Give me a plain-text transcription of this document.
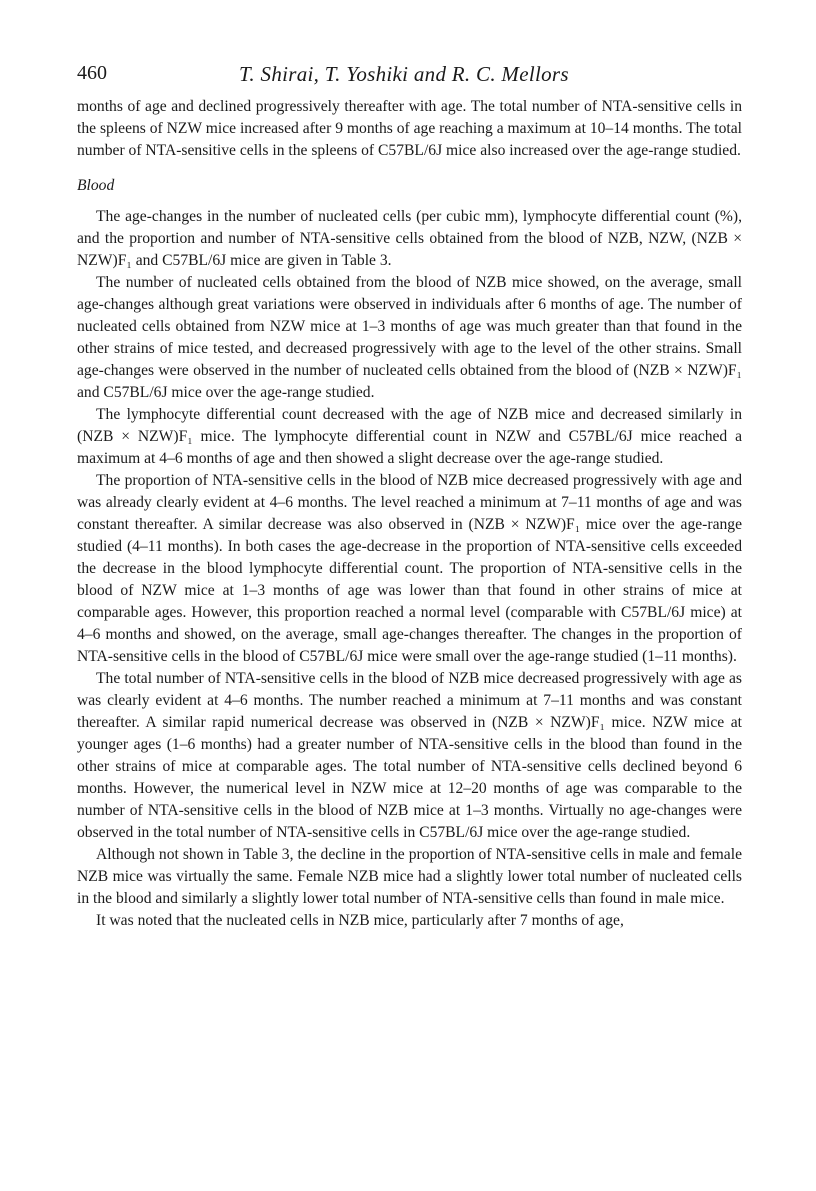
460	T. Shirai, T. Yoshiki and R. C. Mellors

months of age and declined progressively thereafter with age. The total number of NTA-sensitive cells in the spleens of NZW mice increased after 9 months of age reaching a maximum at 10–14 months. The total number of NTA-sensitive cells in the spleens of C57BL/6J mice also increased over the age-range studied.

Blood

The age-changes in the number of nucleated cells (per cubic mm), lymphocyte differential count (%), and the proportion and number of NTA-sensitive cells obtained from the blood of NZB, NZW, (NZB × NZW)F₁ and C57BL/6J mice are given in Table 3.

The number of nucleated cells obtained from the blood of NZB mice showed, on the average, small age-changes although great variations were observed in individuals after 6 months of age. The number of nucleated cells obtained from NZW mice at 1–3 months of age was much greater than that found in the other strains of mice tested, and decreased progressively with age to the level of the other strains. Small age-changes were observed in the number of nucleated cells obtained from the blood of (NZB × NZW)F₁ and C57BL/6J mice over the age-range studied.

The lymphocyte differential count decreased with the age of NZB mice and decreased similarly in (NZB × NZW)F₁ mice. The lymphocyte differential count in NZW and C57BL/6J mice reached a maximum at 4–6 months of age and then showed a slight decrease over the age-range studied.

The proportion of NTA-sensitive cells in the blood of NZB mice decreased progressively with age and was already clearly evident at 4–6 months. The level reached a minimum at 7–11 months of age and was constant thereafter. A similar decrease was also observed in (NZB × NZW)F₁ mice over the age-range studied (4–11 months). In both cases the age-decrease in the proportion of NTA-sensitive cells exceeded the decrease in the blood lymphocyte differential count. The proportion of NTA-sensitive cells in the blood of NZW mice at 1–3 months of age was lower than that found in other strains of mice at comparable ages. However, this proportion reached a normal level (comparable with C57BL/6J mice) at 4–6 months and showed, on the average, small age-changes thereafter. The changes in the proportion of NTA-sensitive cells in the blood of C57BL/6J mice were small over the age-range studied (1–11 months).

The total number of NTA-sensitive cells in the blood of NZB mice decreased progressively with age as was clearly evident at 4–6 months. The number reached a minimum at 7–11 months and was constant thereafter. A similar rapid numerical decrease was observed in (NZB × NZW)F₁ mice. NZW mice at younger ages (1–6 months) had a greater number of NTA-sensitive cells in the blood than found in the other strains of mice at comparable ages. The total number of NTA-sensitive cells declined beyond 6 months. However, the numerical level in NZW mice at 12–20 months of age was comparable to the number of NTA-sensitive cells in the blood of NZB mice at 1–3 months. Virtually no age-changes were observed in the total number of NTA-sensitive cells in C57BL/6J mice over the age-range studied.

Although not shown in Table 3, the decline in the proportion of NTA-sensitive cells in male and female NZB mice was virtually the same. Female NZB mice had a slightly lower total number of nucleated cells in the blood and similarly a slightly lower total number of NTA-sensitive cells than found in male mice.

It was noted that the nucleated cells in NZB mice, particularly after 7 months of age,
